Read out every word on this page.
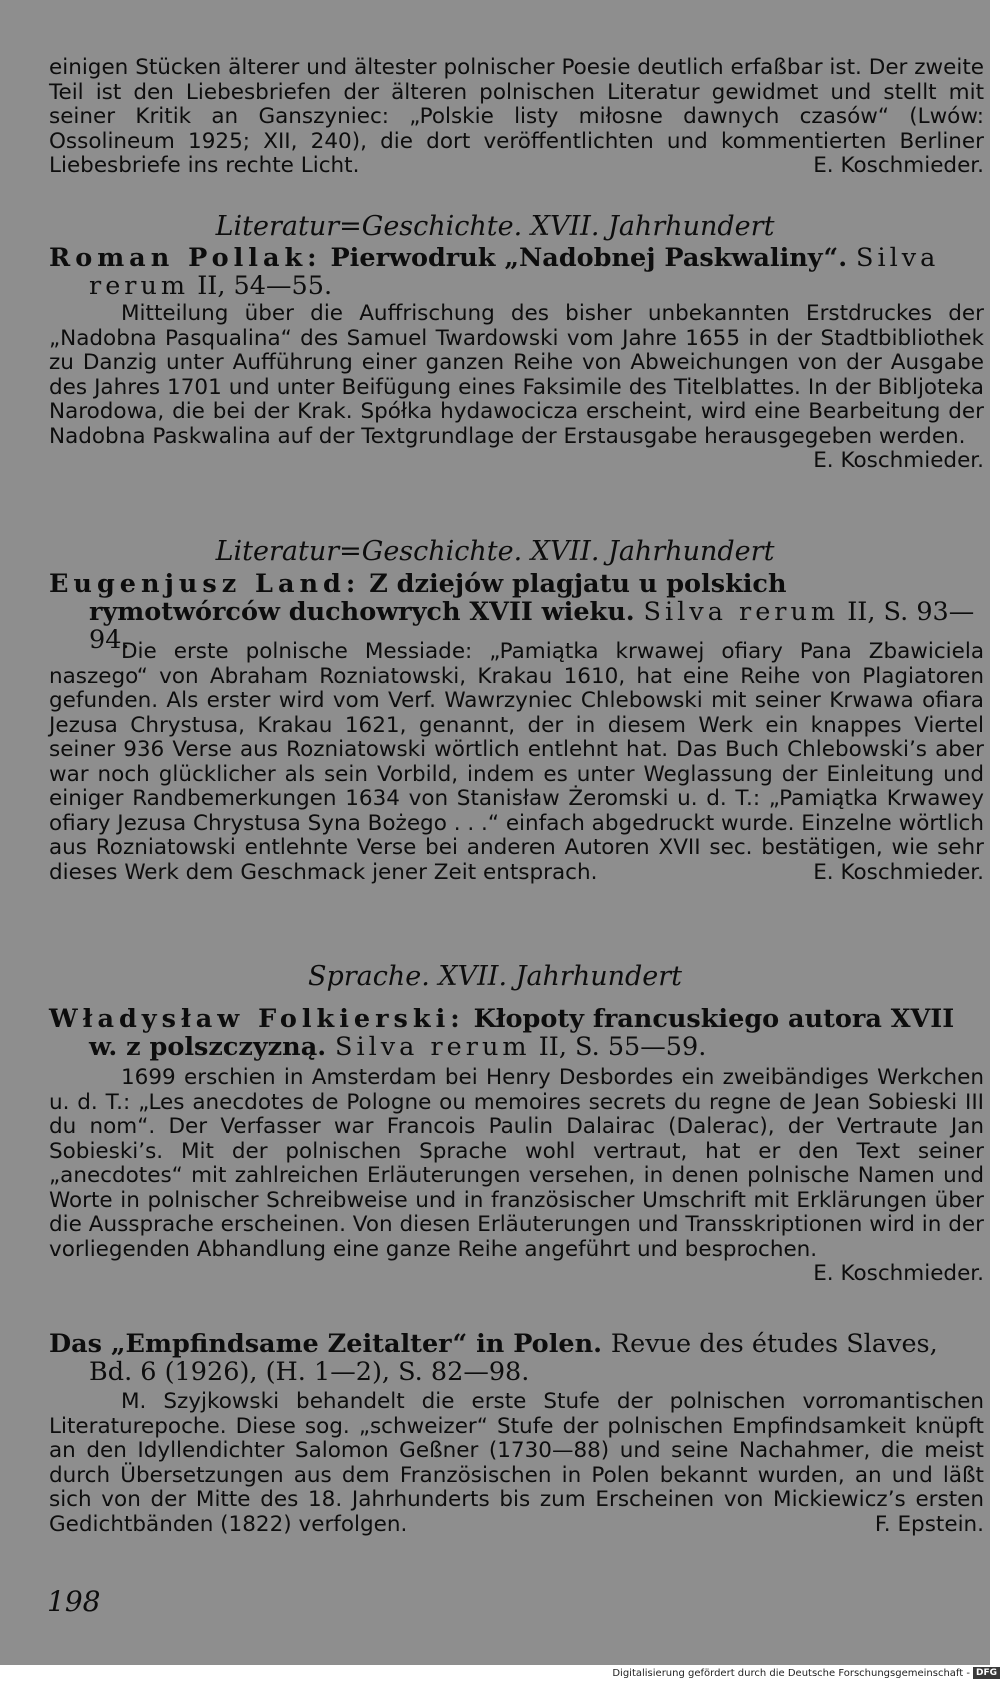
einigen Stücken älterer und ältester polnischer Poesie deutlich erfaßbar ist. Der zweite Teil ist den Liebesbriefen der älteren polnischen Literatur gewidmet und stellt mit seiner Kritik an Ganszyniec: „Polskie listy miłosne dawnych czasów“ (Lwów: Ossolineum 1925; XII, 240), die dort veröffentlichten und kommentierten Berliner Liebesbriefe ins rechte Licht.	E. Koschmieder.

Literatur=Geschichte. XVII. Jahrhundert

Roman Pollak: Pierwodruk „Nadobnej Paskwaliny“. Silva rerum II, 54—55.

Mitteilung über die Auffrischung des bisher unbekannten Erstdruckes der „Nadobna Pasqualina“ des Samuel Twardowski vom Jahre 1655 in der Stadtbibliothek zu Danzig unter Aufführung einer ganzen Reihe von Abweichungen von der Ausgabe des Jahres 1701 und unter Beifügung eines Faksimile des Titelblattes. In der Bibljoteka Narodowa, die bei der Krak. Spółka hydawocicza erscheint, wird eine Bearbeitung der Nadobna Paskwalina auf der Textgrundlage der Erstausgabe herausgegeben werden.
E. Koschmieder.

Literatur=Geschichte. XVII. Jahrhundert

Eugenjusz Land: Z dziejów plagjatu u polskich rymotwórców duchowrych XVII wieku. Silva rerum II, S. 93—94.

Die erste polnische Messiade: „Pamiątka krwawej ofiary Pana Zbawiciela naszego“ von Abraham Rozniatowski, Krakau 1610, hat eine Reihe von Plagiatoren gefunden. Als erster wird vom Verf. Wawrzyniec Chlebowski mit seiner Krwawa ofiara Jezusa Chrystusa, Krakau 1621, genannt, der in diesem Werk ein knappes Viertel seiner 936 Verse aus Rozniatowski wörtlich entlehnt hat. Das Buch Chlebowski’s aber war noch glücklicher als sein Vorbild, indem es unter Weglassung der Einleitung und einiger Randbemerkungen 1634 von Stanisław Żeromski u. d. T.: „Pamiątka Krwawey ofiary Jezusa Chrystusa Syna Bożego . . .“ einfach abgedruckt wurde. Einzelne wörtlich aus Rozniatowski entlehnte Verse bei anderen Autoren XVII sec. bestätigen, wie sehr dieses Werk dem Geschmack jener Zeit entsprach.	E. Koschmieder.

Sprache. XVII. Jahrhundert

Władysław Folkierski: Kłopoty francuskiego autora XVII w. z polszczyzną. Silva rerum II, S. 55—59.

1699 erschien in Amsterdam bei Henry Desbordes ein zweibändiges Werkchen u. d. T.: „Les anecdotes de Pologne ou memoires secrets du regne de Jean Sobieski III du nom“. Der Verfasser war Francois Paulin Dalairac (Dalerac), der Vertraute Jan Sobieski’s. Mit der polnischen Sprache wohl vertraut, hat er den Text seiner „anecdotes“ mit zahlreichen Erläuterungen versehen, in denen polnische Namen und Worte in polnischer Schreibweise und in französischer Umschrift mit Erklärungen über die Aussprache erscheinen. Von diesen Erläuterungen und Transskriptionen wird in der vorliegenden Abhandlung eine ganze Reihe angeführt und besprochen.
E. Koschmieder.

Das „Empfindsame Zeitalter“ in Polen. Revue des études Slaves, Bd. 6 (1926), (H. 1—2), S. 82—98.

M. Szyjkowski behandelt die erste Stufe der polnischen vorromantischen Literaturepoche. Diese sog. „schweizer“ Stufe der polnischen Empfindsamkeit knüpft an den Idyllendichter Salomon Geßner (1730—88) und seine Nachahmer, die meist durch Übersetzungen aus dem Französischen in Polen bekannt wurden, an und läßt sich von der Mitte des 18. Jahrhunderts bis zum Erscheinen von Mickiewicz’s ersten Gedichtbänden (1822) verfolgen.	F. Epstein.

198

Digitalisierung gefördert durch die Deutsche Forschungsgemeinschaft - DFG
